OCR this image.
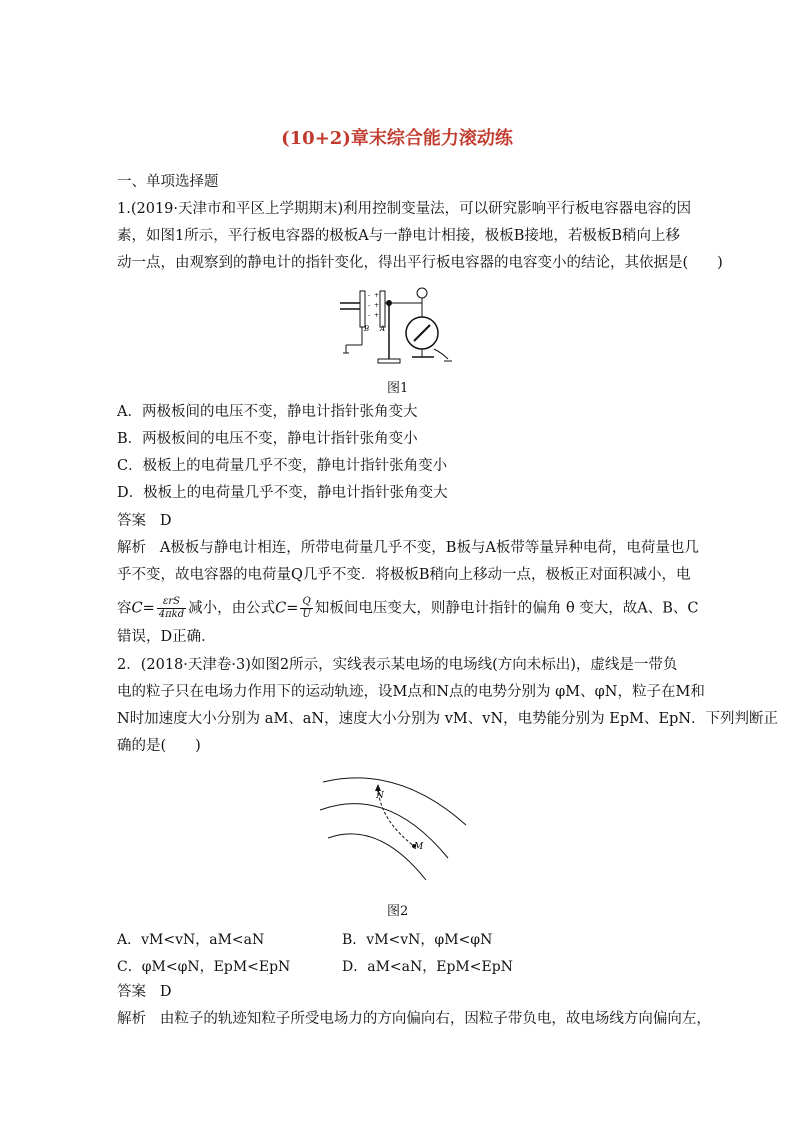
(10+2)章末综合能力滚动练
一、单项选择题
1.(2019·天津市和平区上学期期末)利用控制变量法，可以研究影响平行板电容器电容的因
素，如图1所示，平行板电容器的极板A与一静电计相接，极板B接地，若极板B稍向上移
动一点，由观察到的静电计的指针变化，得出平行板电容器的电容变小的结论，其依据是(　　)
-
-
-
+
+
+
B A
图1
A．两极板间的电压不变，静电计指针张角变大
B．两极板间的电压不变，静电计指针张角变小
C．极板上的电荷量几乎不变，静电计指针张角变小
D．极板上的电荷量几乎不变，静电计指针张角变大
答案 D
解析 A极板与静电计相连，所带电荷量几乎不变，B板与A板带等量异种电荷，电荷量也几
乎不变，故电容器的电荷量Q几乎不变．将极板B稍向上移动一点，极板正对面积减小，电
容$C= \frac{\text{εrS}}{\text{4πkd}}$ 减小，由公式$C= \frac{Q}{U}$ 知板间电压变大，则静电计指针的偏角 θ 变大，故A、B、C
错误，D正确．
2．(2018·天津卷·3)如图2所示，实线表示某电场的电场线(方向未标出)，虚线是一带负
电的粒子只在电场力作用下的运动轨迹，设M点和N点的电势分别为 φM、φN，粒子在M和
N时加速度大小分别为 aM、aN，速度大小分别为 vM、vN，电势能分别为 EpM、EpN．下列判断正
确的是(　　)
N
M
图2
A．vM<vN，aM<aN	B．vM<vN，φM<φN
C．φM<φN，EpM<EpN	D．aM<aN，EpM<EpN
答案 D
解析 由粒子的轨迹知粒子所受电场力的方向偏向右，因粒子带负电，故电场线方向偏向左，
